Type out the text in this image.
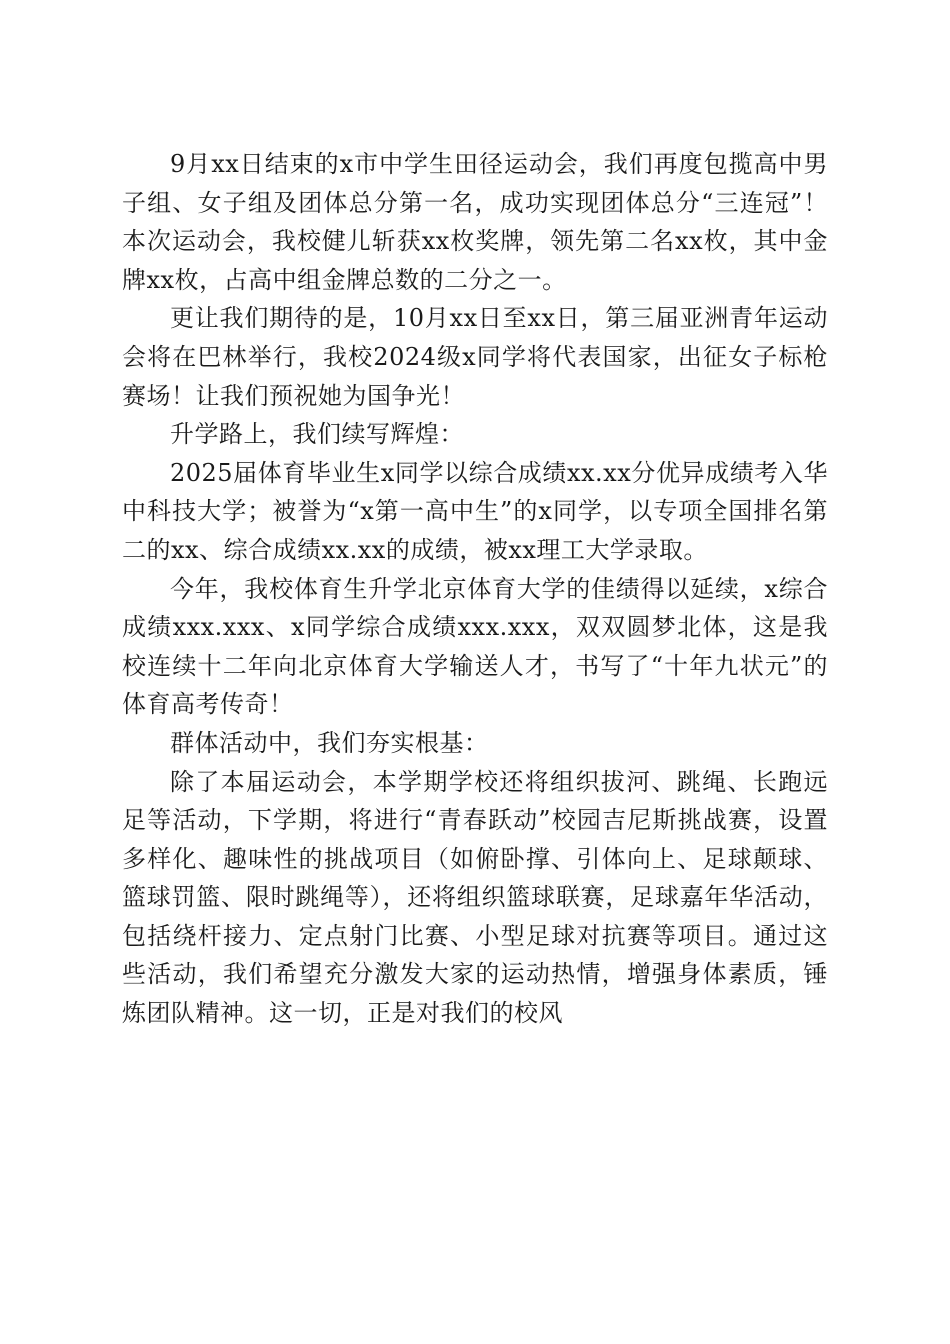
9月xx日结束的x市中学生田径运动会，我们再度包揽高中男子组、女子组及团体总分第一名，成功实现团体总分“三连冠”！本次运动会，我校健儿斩获xx枚奖牌，领先第二名xx枚，其中金牌xx枚，占高中组金牌总数的二分之一。

更让我们期待的是，10月xx日至xx日，第三届亚洲青年运动会将在巴林举行，我校2024级x同学将代表国家，出征女子标枪赛场！让我们预祝她为国争光！

升学路上，我们续写辉煌：

2025届体育毕业生x同学以综合成绩xx.xx分优异成绩考入华中科技大学；被誉为“x第一高中生”的x同学，以专项全国排名第二的xx、综合成绩xx.xx的成绩，被xx理工大学录取。

今年，我校体育生升学北京体育大学的佳绩得以延续，x综合成绩xxx.xxx、x同学综合成绩xxx.xxx，双双圆梦北体，这是我校连续十二年向北京体育大学输送人才，书写了“十年九状元”的体育高考传奇！

群体活动中，我们夯实根基：

除了本届运动会，本学期学校还将组织拔河、跳绳、长跑远足等活动，下学期，将进行“青春跃动”校园吉尼斯挑战赛，设置多样化、趣味性的挑战项目（如俯卧撑、引体向上、足球颠球、篮球罚篮、限时跳绳等），还将组织篮球联赛，足球嘉年华活动，包括绕杆接力、定点射门比赛、小型足球对抗赛等项目。通过这些活动，我们希望充分激发大家的运动热情，增强身体素质，锤炼团队精神。这一切，正是对我们的校风
